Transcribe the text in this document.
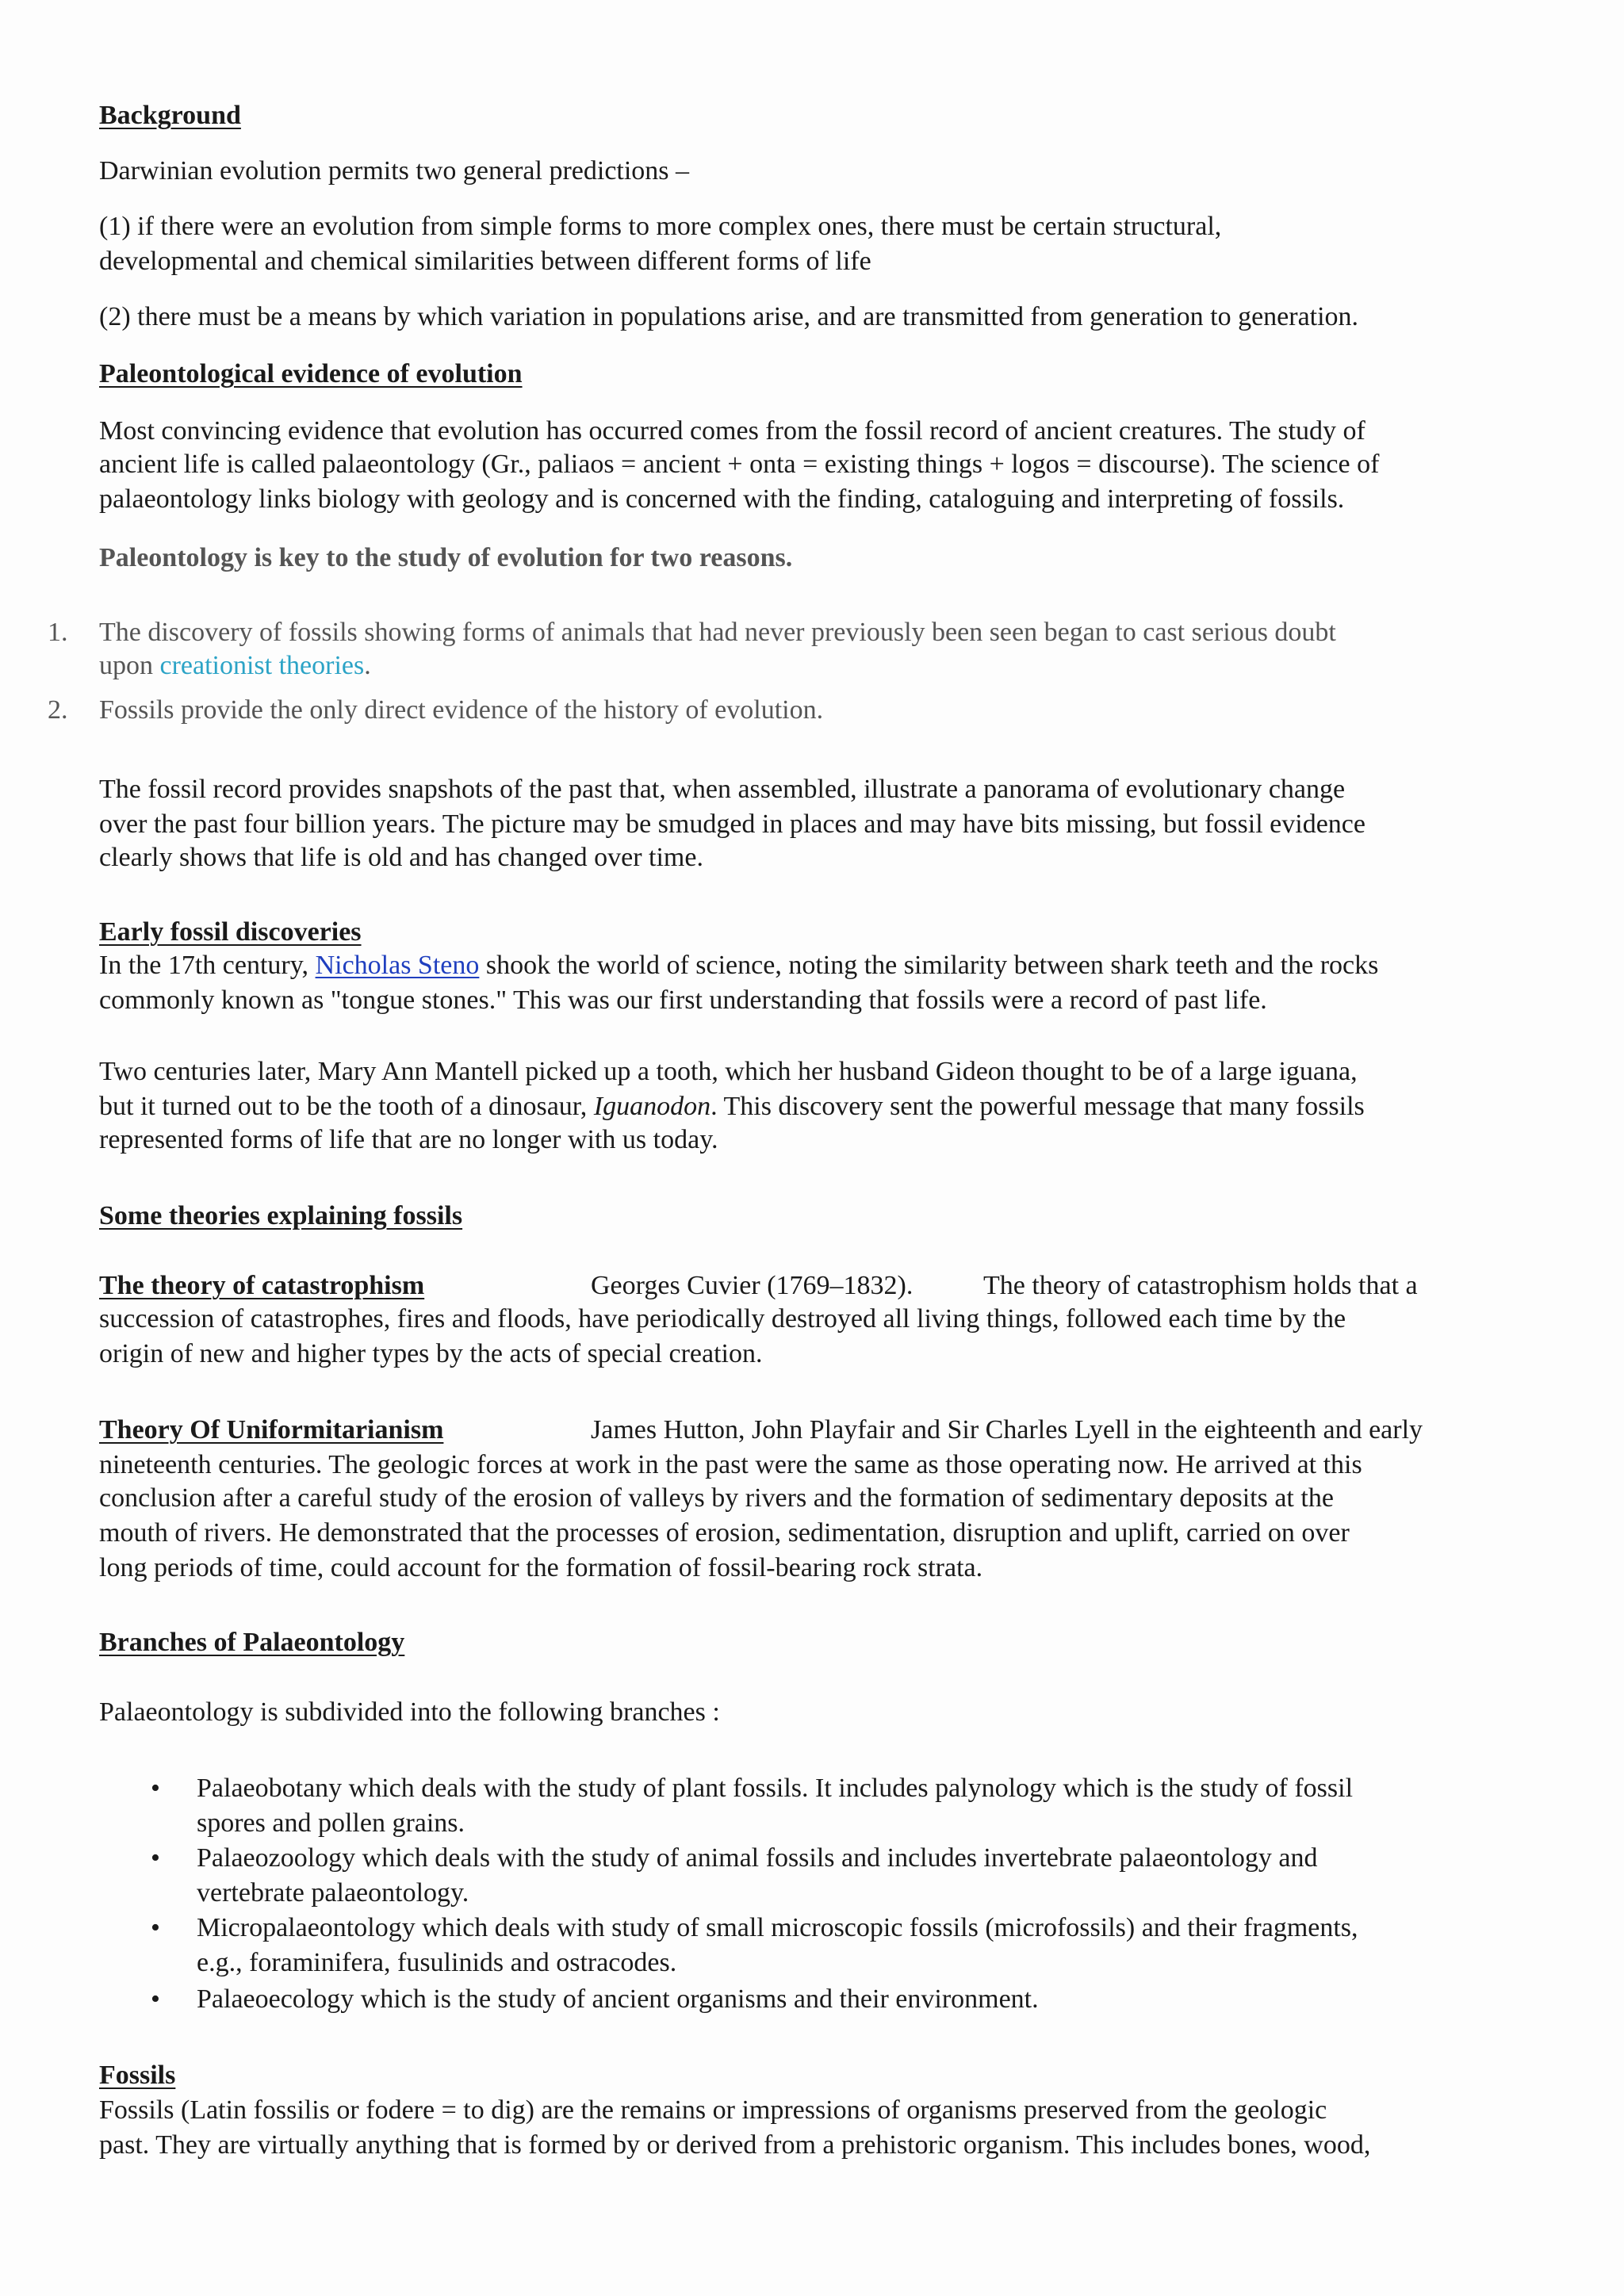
Background

Darwinian evolution permits two general predictions –

(1) if there were an evolution from simple forms to more complex ones, there must be certain structural,

developmental and chemical similarities between different forms of life

(2) there must be a means by which variation in populations arise, and are transmitted from generation to generation.

Paleontological evidence of evolution

Most convincing evidence that evolution has occurred comes from the fossil record of ancient creatures. The study of

ancient life is called palaeontology (Gr., paliaos = ancient + onta = existing things + logos = discourse). The science of

palaeontology links biology with geology and is concerned with the finding, cataloguing and interpreting of fossils.

Paleontology is key to the study of evolution for two reasons.

1. The discovery of fossils showing forms of animals that had never previously been seen began to cast serious doubt

upon creationist theories.

2. Fossils provide the only direct evidence of the history of evolution.

The fossil record provides snapshots of the past that, when assembled, illustrate a panorama of evolutionary change

over the past four billion years. The picture may be smudged in places and may have bits missing, but fossil evidence

clearly shows that life is old and has changed over time.

Early fossil discoveries

In the 17th century, Nicholas Steno shook the world of science, noting the similarity between shark teeth and the rocks

commonly known as "tongue stones." This was our first understanding that fossils were a record of past life.

Two centuries later, Mary Ann Mantell picked up a tooth, which her husband Gideon thought to be of a large iguana,

but it turned out to be the tooth of a dinosaur, Iguanodon. This discovery sent the powerful message that many fossils

represented forms of life that are no longer with us today.

Some theories explaining fossils

The theory of catastrophism	Georges Cuvier (1769–1832).	The theory of catastrophism holds that a

succession of catastrophes, fires and floods, have periodically destroyed all living things, followed each time by the

origin of new and higher types by the acts of special creation.

Theory Of Uniformitarianism	James Hutton, John Playfair and Sir Charles Lyell in the eighteenth and early

nineteenth centuries. The geologic forces at work in the past were the same as those operating now. He arrived at this

conclusion after a careful study of the erosion of valleys by rivers and the formation of sedimentary deposits at the

mouth of rivers. He demonstrated that the processes of erosion, sedimentation, disruption and uplift, carried on over

long periods of time, could account for the formation of fossil-bearing rock strata.

Branches of Palaeontology

Palaeontology is subdivided into the following branches :

• Palaeobotany which deals with the study of plant fossils. It includes palynology which is the study of fossil

spores and pollen grains.

• Palaeozoology which deals with the study of animal fossils and includes invertebrate palaeontology and

vertebrate palaeontology.

• Micropalaeontology which deals with study of small microscopic fossils (microfossils) and their fragments,

e.g., foraminifera, fusulinids and ostracodes.

• Palaeoecology which is the study of ancient organisms and their environment.

Fossils

Fossils (Latin fossilis or fodere = to dig) are the remains or impressions of organisms preserved from the geologic

past. They are virtually anything that is formed by or derived from a prehistoric organism. This includes bones, wood,
